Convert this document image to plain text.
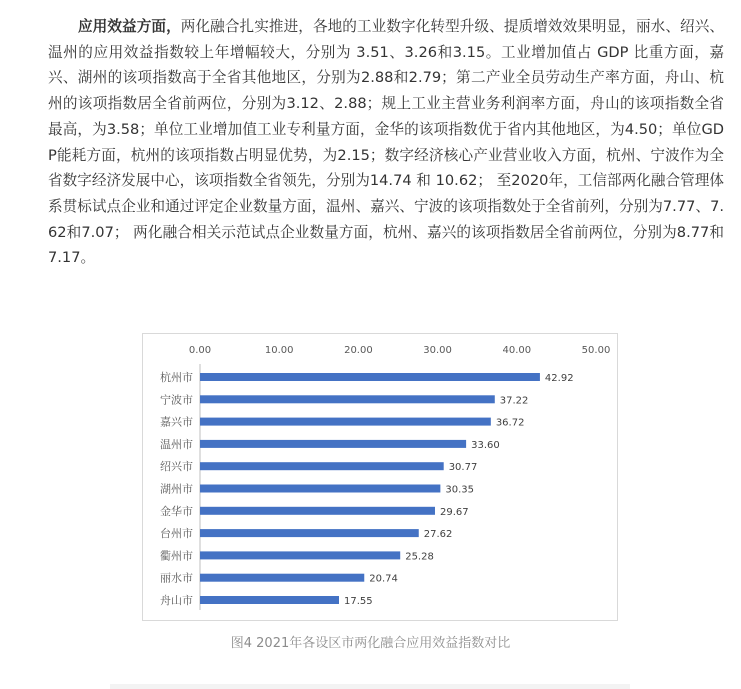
应用效益方面，两化融合扎实推进，各地的工业数字化转型升级、提质增效效果明显，丽水、绍兴、温州的应用效益指数较上年增幅较大，分别为 3.51、3.26和3.15。工业增加值占 GDP 比重方面，嘉兴、湖州的该项指数高于全省其他地区，分别为2.88和2.79；第二产业全员劳动生产率方面，舟山、杭州的该项指数居全省前两位，分别为3.12、2.88；规上工业主营业务利润率方面，舟山的该项指数全省最高，为3.58；单位工业增加值工业专利量方面，金华的该项指数优于省内其他地区，为4.50；单位GDP能耗方面，杭州的该项指数占明显优势，为2.15；数字经济核心产业营业收入方面，杭州、宁波作为全省数字经济发展中心，该项指数全省领先，分别为14.74 和 10.62； 至2020年，工信部两化融合管理体系贯标试点企业和通过评定企业数量方面，温州、嘉兴、宁波的该项指数处于全省前列，分别为7.77、7.62和7.07； 两化融合相关示范试点企业数量方面，杭州、嘉兴的该项指数居全省前两位，分别为8.77和7.17。
0.00	10.00	20.00	30.00	40.00	50.00
杭州市	42.92
宁波市	37.22
嘉兴市	36.72
温州市	33.60
绍兴市	30.77
湖州市	30.35
金华市	29.67
台州市	27.62
衢州市	25.28
丽水市	20.74
舟山市	17.55
图4 2021年各设区市两化融合应用效益指数对比
